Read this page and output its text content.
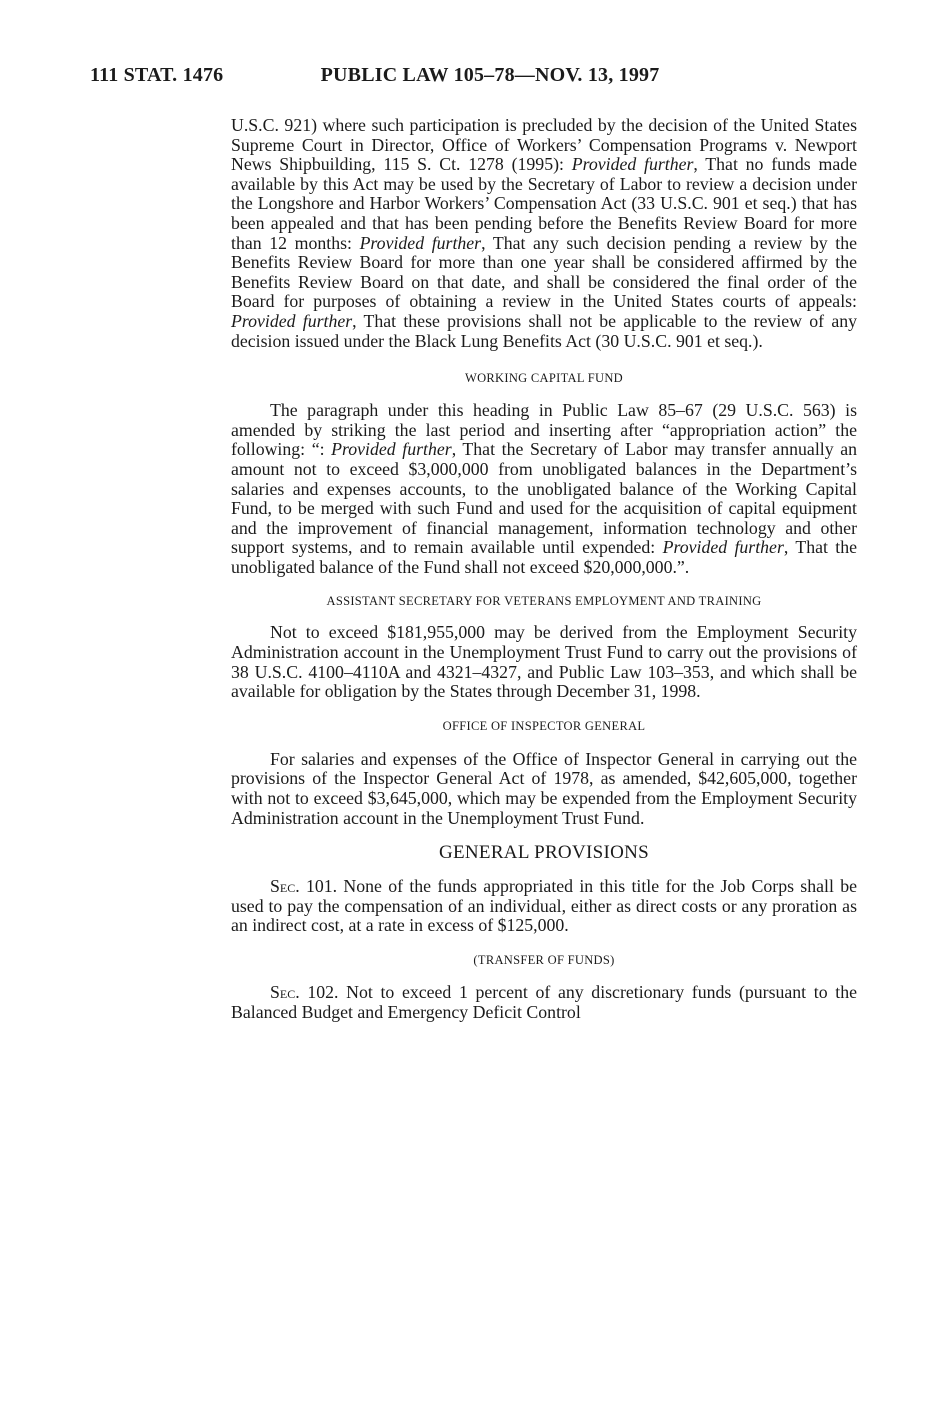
111 STAT. 1476	PUBLIC LAW 105–78—NOV. 13, 1997

U.S.C. 921) where such participation is precluded by the decision of the United States Supreme Court in Director, Office of Workers’ Compensation Programs v. Newport News Shipbuilding, 115 S. Ct. 1278 (1995): Provided further, That no funds made available by this Act may be used by the Secretary of Labor to review a decision under the Longshore and Harbor Workers’ Compensation Act (33 U.S.C. 901 et seq.) that has been appealed and that has been pending before the Benefits Review Board for more than 12 months: Provided further, That any such decision pending a review by the Benefits Review Board for more than one year shall be considered affirmed by the Benefits Review Board on that date, and shall be considered the final order of the Board for purposes of obtaining a review in the United States courts of appeals: Provided further, That these provisions shall not be applicable to the review of any decision issued under the Black Lung Benefits Act (30 U.S.C. 901 et seq.).

WORKING CAPITAL FUND

The paragraph under this heading in Public Law 85–67 (29 U.S.C. 563) is amended by striking the last period and inserting after “appropriation action” the following: “: Provided further, That the Secretary of Labor may transfer annually an amount not to exceed $3,000,000 from unobligated balances in the Department’s salaries and expenses accounts, to the unobligated balance of the Working Capital Fund, to be merged with such Fund and used for the acquisition of capital equipment and the improvement of financial management, information technology and other support systems, and to remain available until expended: Provided further, That the unobligated balance of the Fund shall not exceed $20,000,000.”.

ASSISTANT SECRETARY FOR VETERANS EMPLOYMENT AND TRAINING

Not to exceed $181,955,000 may be derived from the Employment Security Administration account in the Unemployment Trust Fund to carry out the provisions of 38 U.S.C. 4100–4110A and 4321–4327, and Public Law 103–353, and which shall be available for obligation by the States through December 31, 1998.

OFFICE OF INSPECTOR GENERAL

For salaries and expenses of the Office of Inspector General in carrying out the provisions of the Inspector General Act of 1978, as amended, $42,605,000, together with not to exceed $3,645,000, which may be expended from the Employment Security Administration account in the Unemployment Trust Fund.

GENERAL PROVISIONS

Sec. 101. None of the funds appropriated in this title for the Job Corps shall be used to pay the compensation of an individual, either as direct costs or any proration as an indirect cost, at a rate in excess of $125,000.

(TRANSFER OF FUNDS)

Sec. 102. Not to exceed 1 percent of any discretionary funds (pursuant to the Balanced Budget and Emergency Deficit Control
